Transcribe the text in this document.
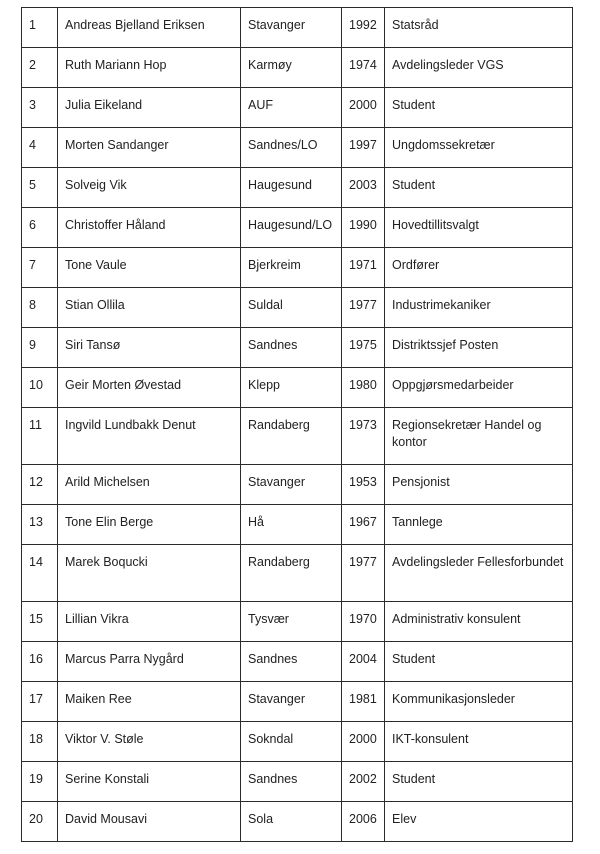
1	Andreas Bjelland Eriksen	Stavanger	1992	Statsråd
2	Ruth Mariann Hop	Karmøy	1974	Avdelingsleder VGS
3	Julia Eikeland	AUF	2000	Student
4	Morten Sandanger	Sandnes/LO	1997	Ungdomssekretær
5	Solveig Vik	Haugesund	2003	Student
6	Christoffer Håland	Haugesund/LO	1990	Hovedtillitsvalgt
7	Tone Vaule	Bjerkreim	1971	Ordfører
8	Stian Ollila	Suldal	1977	Industrimekaniker
9	Siri Tansø	Sandnes	1975	Distriktssjef Posten
10	Geir Morten Øvestad	Klepp	1980	Oppgjørsmedarbeider
11	Ingvild Lundbakk Denut	Randaberg	1973	Regionsekretær Handel og kontor
12	Arild Michelsen	Stavanger	1953	Pensjonist
13	Tone Elin Berge	Hå	1967	Tannlege
14	Marek Boqucki	Randaberg	1977	Avdelingsleder Fellesforbundet
15	Lillian Vikra	Tysvær	1970	Administrativ konsulent
16	Marcus Parra Nygård	Sandnes	2004	Student
17	Maiken Ree	Stavanger	1981	Kommunikasjonsleder
18	Viktor V. Støle	Sokndal	2000	IKT-konsulent
19	Serine Konstali	Sandnes	2002	Student
20	David Mousavi	Sola	2006	Elev
